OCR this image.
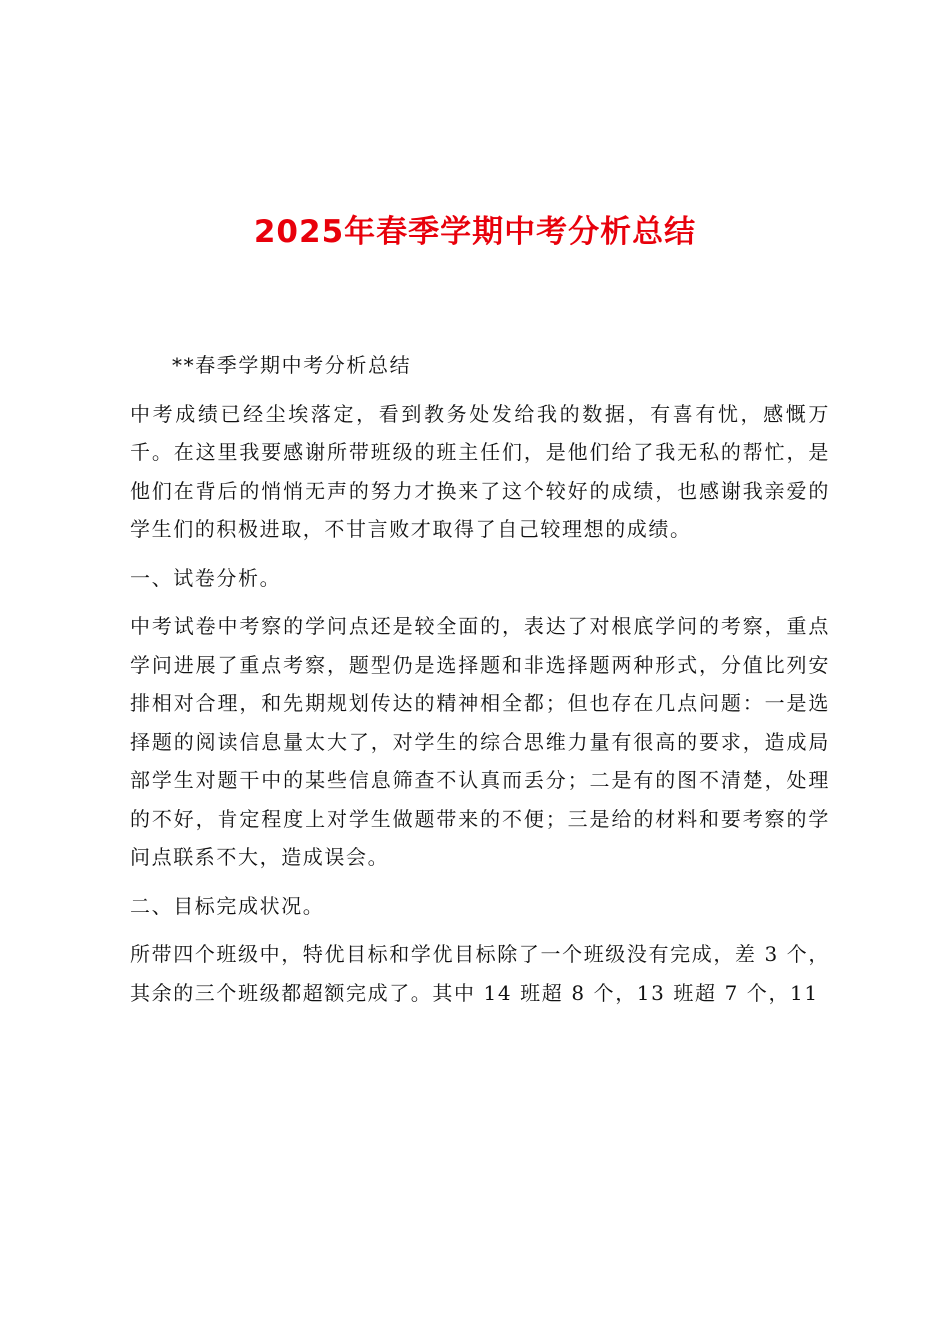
2025年春季学期中考分析总结

**春季学期中考分析总结

中考成绩已经尘埃落定，看到教务处发给我的数据，有喜有忧，感慨万千。在这里我要感谢所带班级的班主任们，是他们给了我无私的帮忙，是他们在背后的悄悄无声的努力才换来了这个较好的成绩，也感谢我亲爱的学生们的积极进取，不甘言败才取得了自己较理想的成绩。

一、试卷分析。

中考试卷中考察的学问点还是较全面的，表达了对根底学问的考察，重点学问进展了重点考察，题型仍是选择题和非选择题两种形式，分值比列安排相对合理，和先期规划传达的精神相全都；但也存在几点问题：一是选择题的阅读信息量太大了，对学生的综合思维力量有很高的要求，造成局部学生对题干中的某些信息筛查不认真而丢分；二是有的图不清楚，处理的不好，肯定程度上对学生做题带来的不便；三是给的材料和要考察的学问点联系不大，造成误会。

二、目标完成状况。

所带四个班级中，特优目标和学优目标除了一个班级没有完成，差 3 个，其余的三个班级都超额完成了。其中 14 班超 8 个，13 班超 7 个，11
